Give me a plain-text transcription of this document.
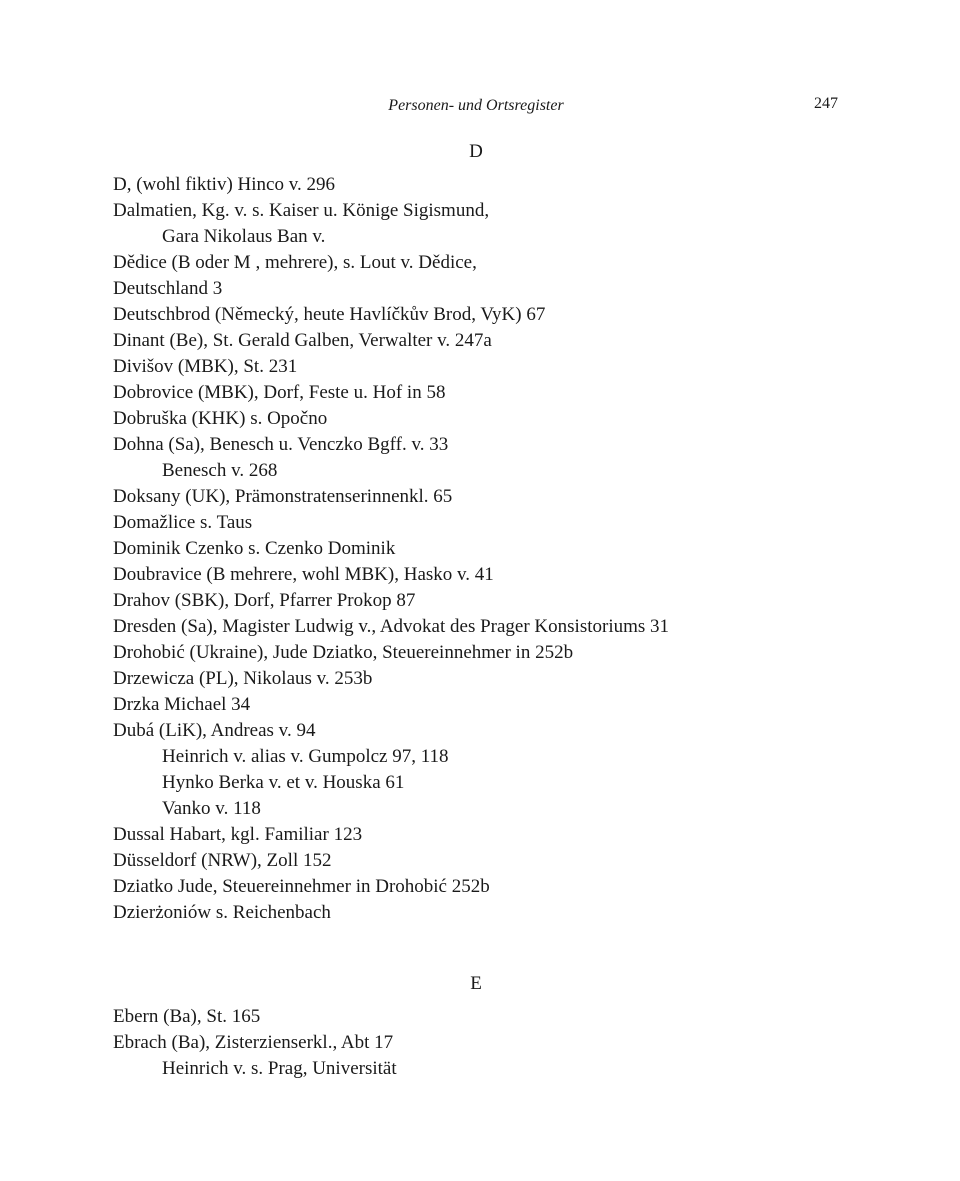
Personen- und Ortsregister	247
D
D, (wohl fiktiv) Hinco v. 296
Dalmatien, Kg. v. s. Kaiser u. Könige Sigismund,
Gara Nikolaus Ban v.
Dědice (B oder M , mehrere), s. Lout v. Dědice,
Deutschland 3
Deutschbrod (Německý, heute Havlíčkův Brod, VyK) 67
Dinant (Be), St. Gerald Galben, Verwalter v. 247a
Divišov (MBK), St. 231
Dobrovice (MBK), Dorf, Feste u. Hof in 58
Dobruška (KHK) s. Opočno
Dohna (Sa), Benesch u. Venczko Bgff. v. 33
Benesch v. 268
Doksany (UK), Prämonstratenserinnenkl. 65
Domažlice s. Taus
Dominik Czenko s. Czenko Dominik
Doubravice (B mehrere, wohl MBK), Hasko v. 41
Drahov (SBK), Dorf, Pfarrer Prokop 87
Dresden (Sa), Magister Ludwig v., Advokat des Prager Konsistoriums 31
Drohobić (Ukraine), Jude Dziatko, Steuereinnehmer in 252b
Drzewicza (PL), Nikolaus v. 253b
Drzka Michael 34
Dubá (LiK), Andreas v. 94
Heinrich v. alias v. Gumpolcz 97, 118
Hynko Berka v. et v. Houska 61
Vanko v. 118
Dussal Habart, kgl. Familiar 123
Düsseldorf (NRW), Zoll 152
Dziatko Jude, Steuereinnehmer in Drohobić 252b
Dzierżoniów s. Reichenbach
E
Ebern (Ba), St. 165
Ebrach (Ba), Zisterzienserkl., Abt 17
Heinrich v. s. Prag, Universität
